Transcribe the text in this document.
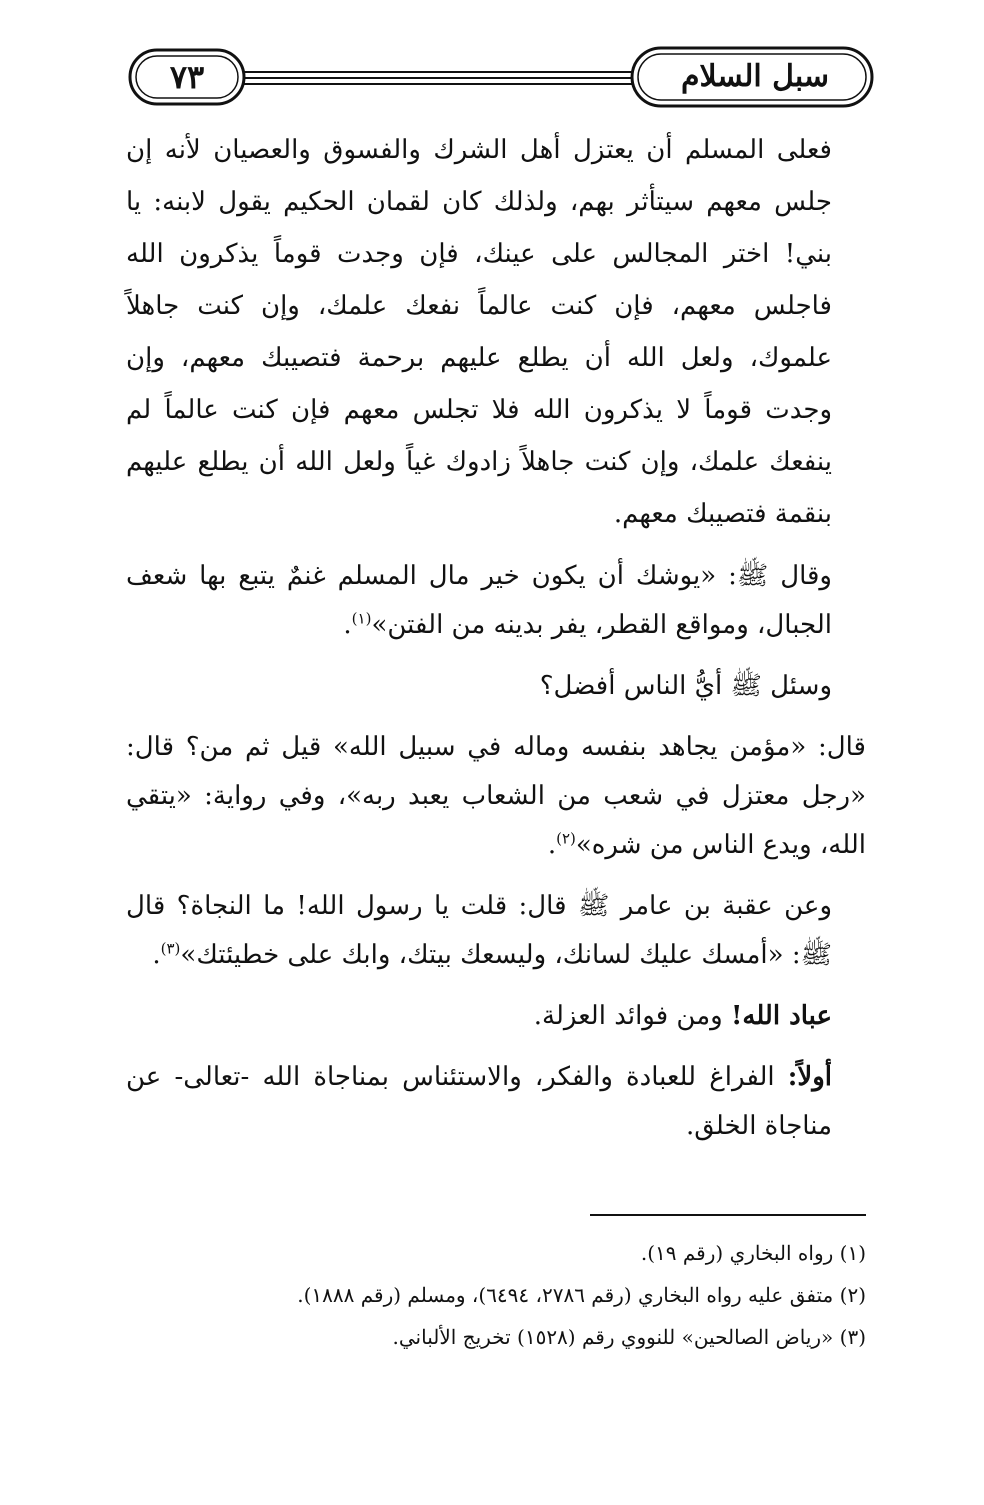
٧٣	سبل السلام

فعلى المسلم أن يعتزل أهل الشرك والفسوق والعصيان لأنه إن جلس معهم سيتأثر بهم، ولذلك كان لقمان الحكيم يقول لابنه: يا بني! اختر المجالس على عينك، فإن وجدت قوماً يذكرون الله فاجلس معهم، فإن كنت عالماً نفعك علمك، وإن كنت جاهلاً علموك، ولعل الله أن يطلع عليهم برحمة فتصيبك معهم، وإن وجدت قوماً لا يذكرون الله فلا تجلس معهم فإن كنت عالماً لم ينفعك علمك، وإن كنت جاهلاً زادوك غياً ولعل الله أن يطلع عليهم بنقمة فتصيبك معهم.

وقال ﷺ: «يوشك أن يكون خير مال المسلم غنمٌ يتبع بها شعف الجبال، ومواقع القطر، يفر بدينه من الفتن»$^{(١)}$.

وسئل ﷺ أيُّ الناس أفضل؟

قال: «مؤمن يجاهد بنفسه وماله في سبيل الله» قيل ثم من؟ قال: «رجل معتزل في شعب من الشعاب يعبد ربه»، وفي رواية: «يتقي الله، ويدع الناس من شره»$^{(٢)}$.

وعن عقبة بن عامر ﷺ قال: قلت يا رسول الله! ما النجاة؟ قال ﷺ: «أمسك عليك لسانك، وليسعك بيتك، وابك على خطيئتك»$^{(٣)}$.

عباد الله! ومن فوائد العزلة.

أولاً: الفراغ للعبادة والفكر، والاستئناس بمناجاة الله -تعالى- عن مناجاة الخلق.

(١) رواه البخاري (رقم ١٩).

(٢) متفق عليه رواه البخاري (رقم ٢٧٨٦، ٦٤٩٤)، ومسلم (رقم ١٨٨٨).

(٣) «رياض الصالحين» للنووي رقم (١٥٢٨) تخريج الألباني.
